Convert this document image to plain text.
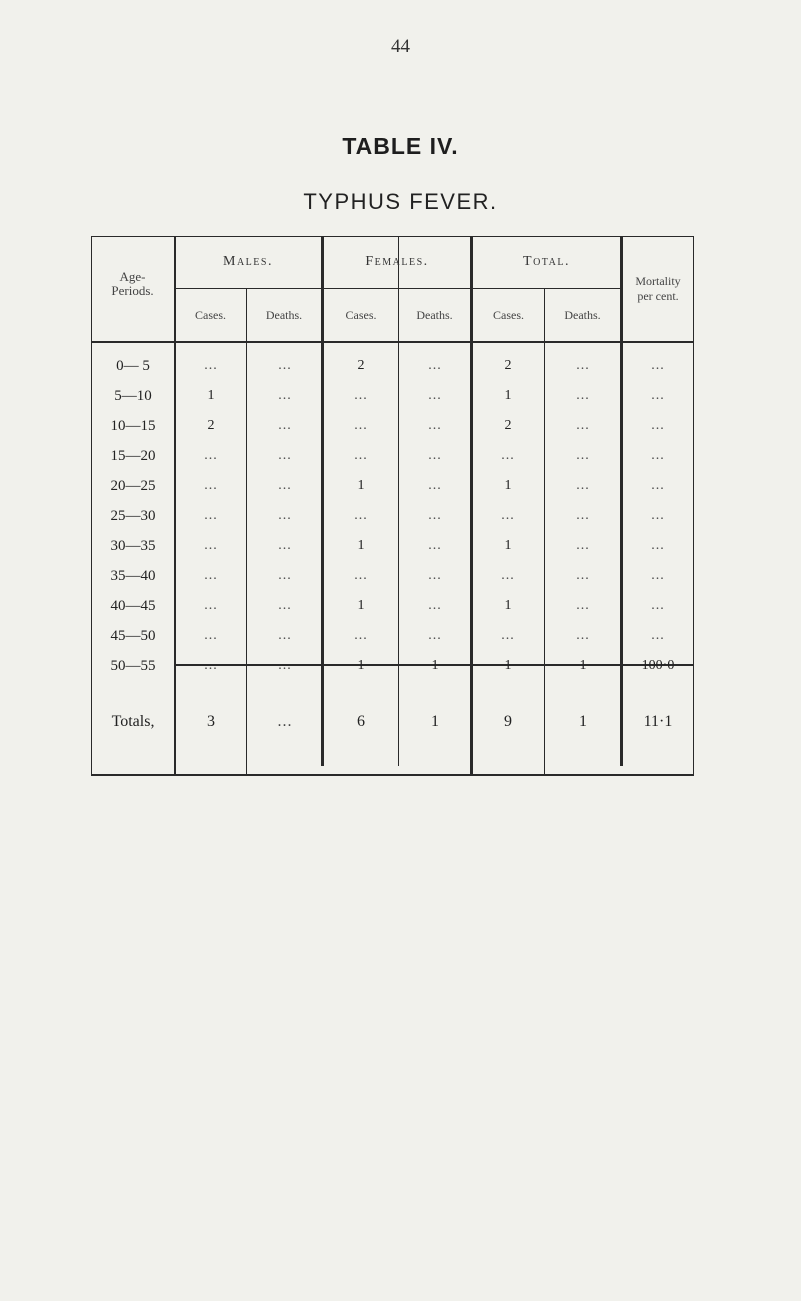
44
TABLE IV.
TYPHUS FEVER.
Age-
Periods.
Males.	Females.	Total.
Mortality
per cent.
Cases.	Deaths.	Cases.	Deaths.	Cases.	Deaths.
0— 5	...	...	2	...	2	...	...
5—10	1	...	...	...	1	...	...
10—15	2	...	...	...	2	...	...
15—20	...	...	...	...	...	...	...
20—25	...	...	1	...	1	...	...
25—30	...	...	...	...	...	...	...
30—35	...	...	1	...	1	...	...
35—40	...	...	...	...	...	...	...
40—45	...	...	1	...	1	...	...
45—50	...	...	...	...	...	...	...
50—55	...	...	1	1	1	1	100·0
Totals,	3	...	6	1	9	1	11·1
